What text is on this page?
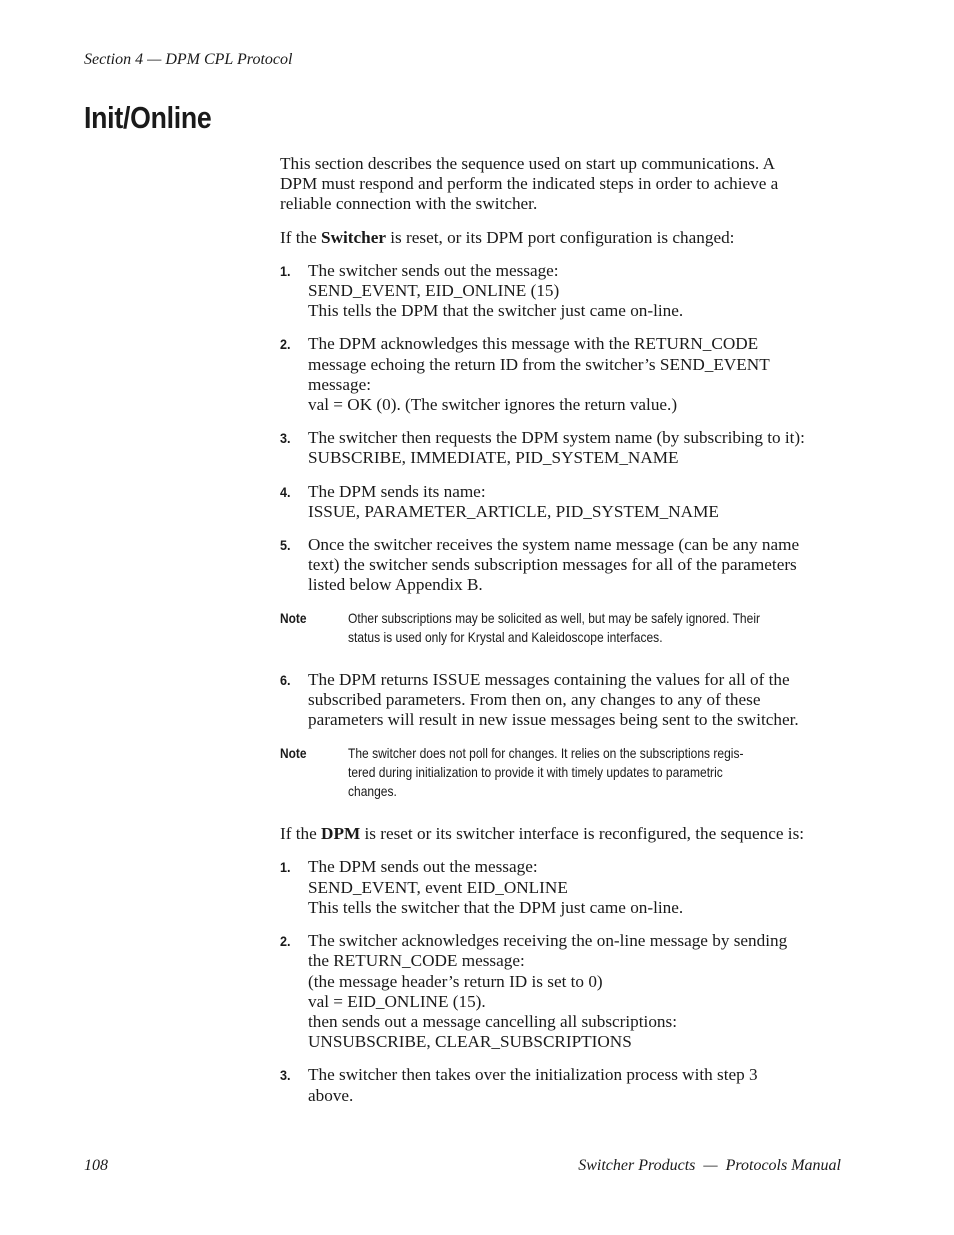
Section 4 — DPM CPL Protocol
Init/Online

This section describes the sequence used on start up communications. A
DPM must respond and perform the indicated steps in order to achieve a
reliable connection with the switcher.

If the Switcher is reset, or its DPM port configuration is changed:

1.	The switcher sends out the message:
SEND_EVENT, EID_ONLINE (15)
This tells the DPM that the switcher just came on-line.
2.	The DPM acknowledges this message with the RETURN_CODE
message echoing the return ID from the switcher’s SEND_EVENT
message:
val = OK (0). (The switcher ignores the return value.)
3.	The switcher then requests the DPM system name (by subscribing to it):
SUBSCRIBE, IMMEDIATE, PID_SYSTEM_NAME
4.	The DPM sends its name:
ISSUE, PARAMETER_ARTICLE, PID_SYSTEM_NAME
5.	Once the switcher receives the system name message (can be any name
text) the switcher sends subscription messages for all of the parameters
listed below Appendix B.
Note	Other subscriptions may be solicited as well, but may be safely ignored. Their
status is used only for Krystal and Kaleidoscope interfaces.
6.	The DPM returns ISSUE messages containing the values for all of the
subscribed parameters. From then on, any changes to any of these
parameters will result in new issue messages being sent to the switcher.
Note	The switcher does not poll for changes. It relies on the subscriptions regis-
tered during initialization to provide it with timely updates to parametric
changes.

If the DPM is reset or its switcher interface is reconfigured, the sequence is:

1.	The DPM sends out the message:
SEND_EVENT, event EID_ONLINE
This tells the switcher that the DPM just came on-line.
2.	The switcher acknowledges receiving the on-line message by sending
the RETURN_CODE message:
(the message header’s return ID is set to 0)
val = EID_ONLINE (15).
then sends out a message cancelling all subscriptions:
UNSUBSCRIBE, CLEAR_SUBSCRIPTIONS
3.	The switcher then takes over the initialization process with step 3
above.
108	Switcher Products  —  Protocols Manual
